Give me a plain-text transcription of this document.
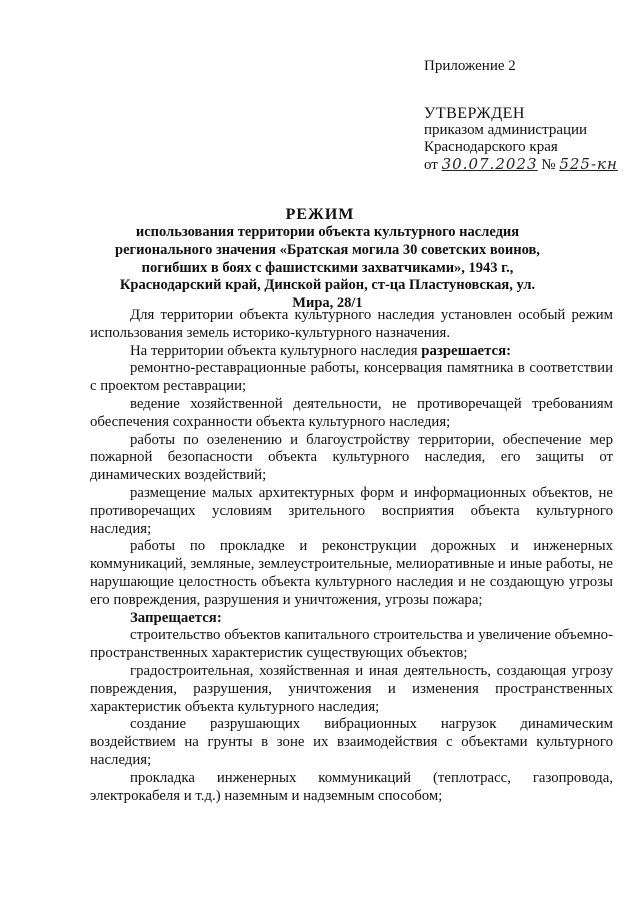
Приложение 2
УТВЕРЖДЕН
приказом администрации
Краснодарского края
от 30.07.2023 № 525-кн
РЕЖИМ
использования территории объекта культурного наследия регионального значения «Братская могила 30 советских воинов, погибших в боях с фашистскими захватчиками», 1943 г., Краснодарский край, Динской район, ст-ца Пластуновская, ул. Мира, 28/1

Для территории объекта культурного наследия установлен особый режим использования земель историко-культурного назначения.

На территории объекта культурного наследия разрешается:

ремонтно-реставрационные работы, консервация памятника в соответствии с проектом реставрации;

ведение хозяйственной деятельности, не противоречащей требованиям обеспечения сохранности объекта культурного наследия;

работы по озеленению и благоустройству территории, обеспечение мер пожарной безопасности объекта культурного наследия, его защиты от динамических воздействий;

размещение малых архитектурных форм и информационных объектов, не противоречащих условиям зрительного восприятия объекта культурного наследия;

работы по прокладке и реконструкции дорожных и инженерных коммуникаций, земляные, землеустроительные, мелиоративные и иные работы, не нарушающие целостность объекта культурного наследия и не создающую угрозы его повреждения, разрушения и уничтожения, угрозы пожара;

Запрещается:

строительство объектов капитального строительства и увеличение объемно-пространственных характеристик существующих объектов;

градостроительная, хозяйственная и иная деятельность, создающая угрозу повреждения, разрушения, уничтожения и изменения пространственных характеристик объекта культурного наследия;

создание разрушающих вибрационных нагрузок динамическим воздействием на грунты в зоне их взаимодействия с объектами культурного наследия;

прокладка инженерных коммуникаций (теплотрасс, газопровода, электрокабеля и т.д.) наземным и надземным способом;
